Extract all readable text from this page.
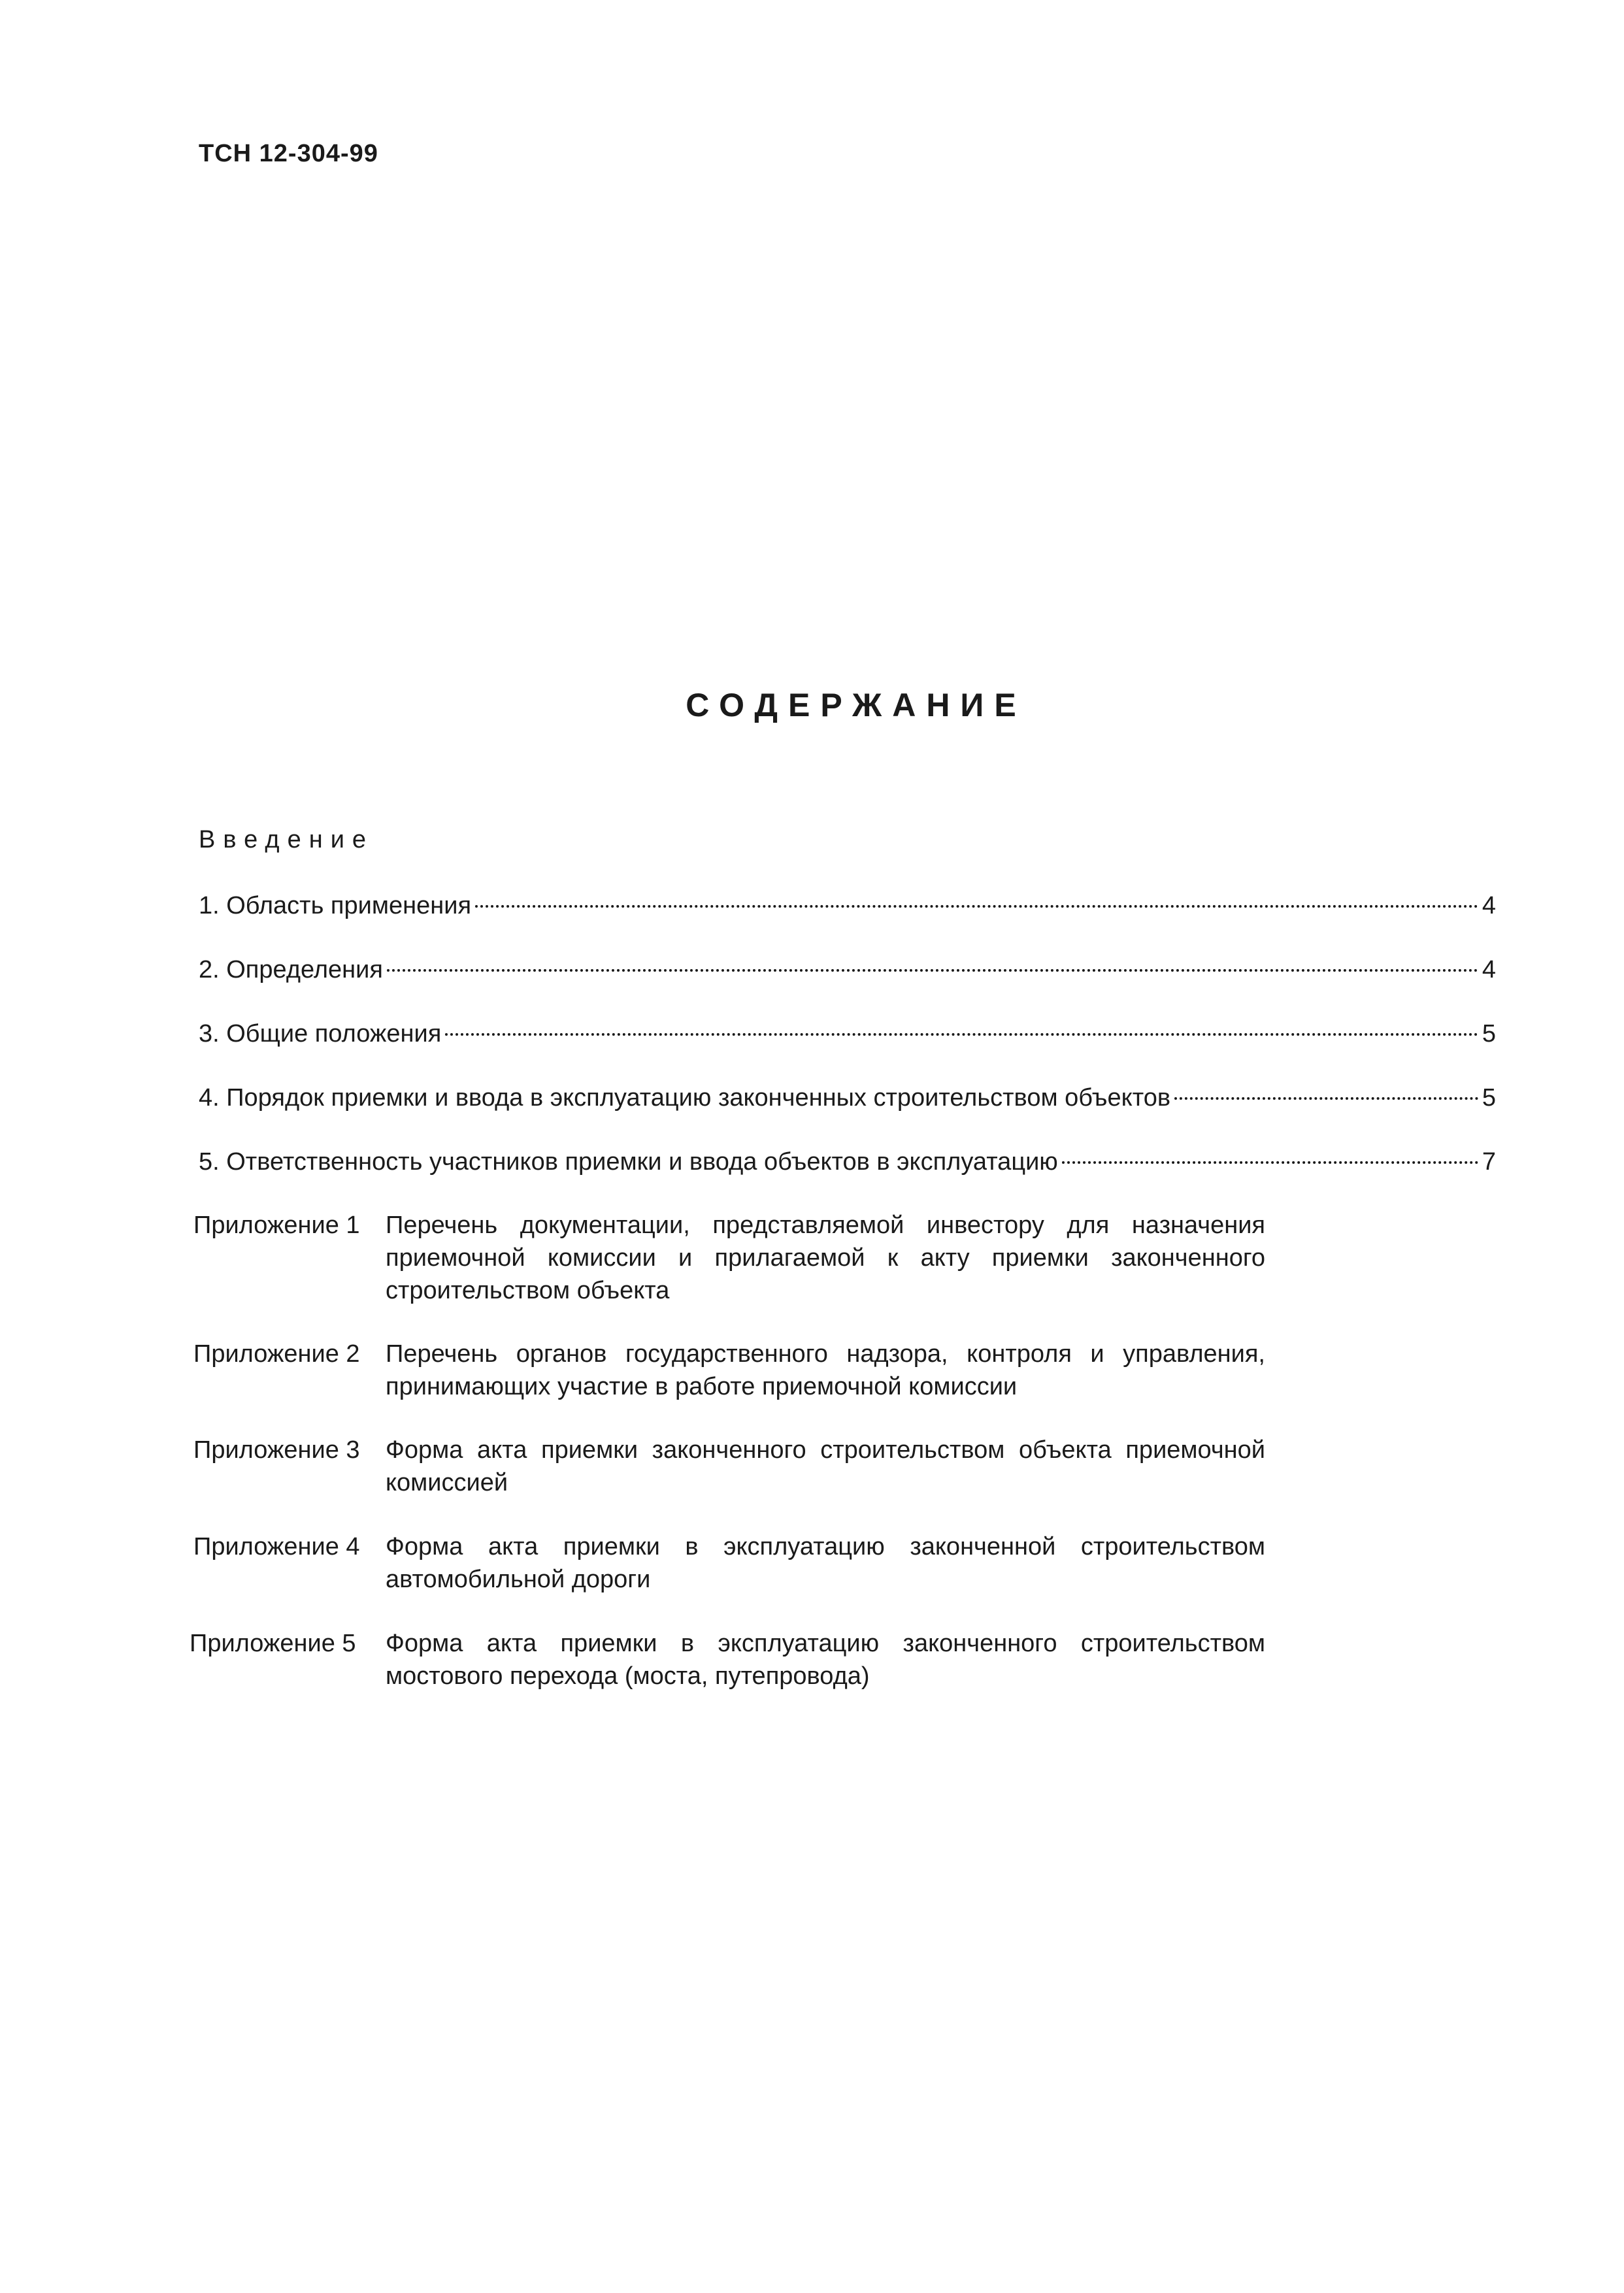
ТСН 12-304-99
СОДЕРЖАНИЕ
Введение
1. Область применения	4
2. Определения	4
3. Общие положения	5
4. Порядок приемки и ввода в эксплуатацию законченных строительством объектов	5
5. Ответственность участников приемки и ввода объектов в эксплуатацию	7
Приложение 1	Перечень документации, представляемой инвестору для назначения приемочной комиссии и прилагаемой к акту приемки законченного строительством объекта
Приложение 2	Перечень органов государственного надзора, контроля и управления, принимающих участие в работе приемочной комиссии
Приложение 3	Форма акта приемки законченного строительством объекта приемочной комиссией
Приложение 4	Форма акта приемки в эксплуатацию законченной строительством автомобильной дороги
Приложение 5	Форма акта приемки в эксплуатацию законченного строительством мостового перехода (моста, путепровода)
